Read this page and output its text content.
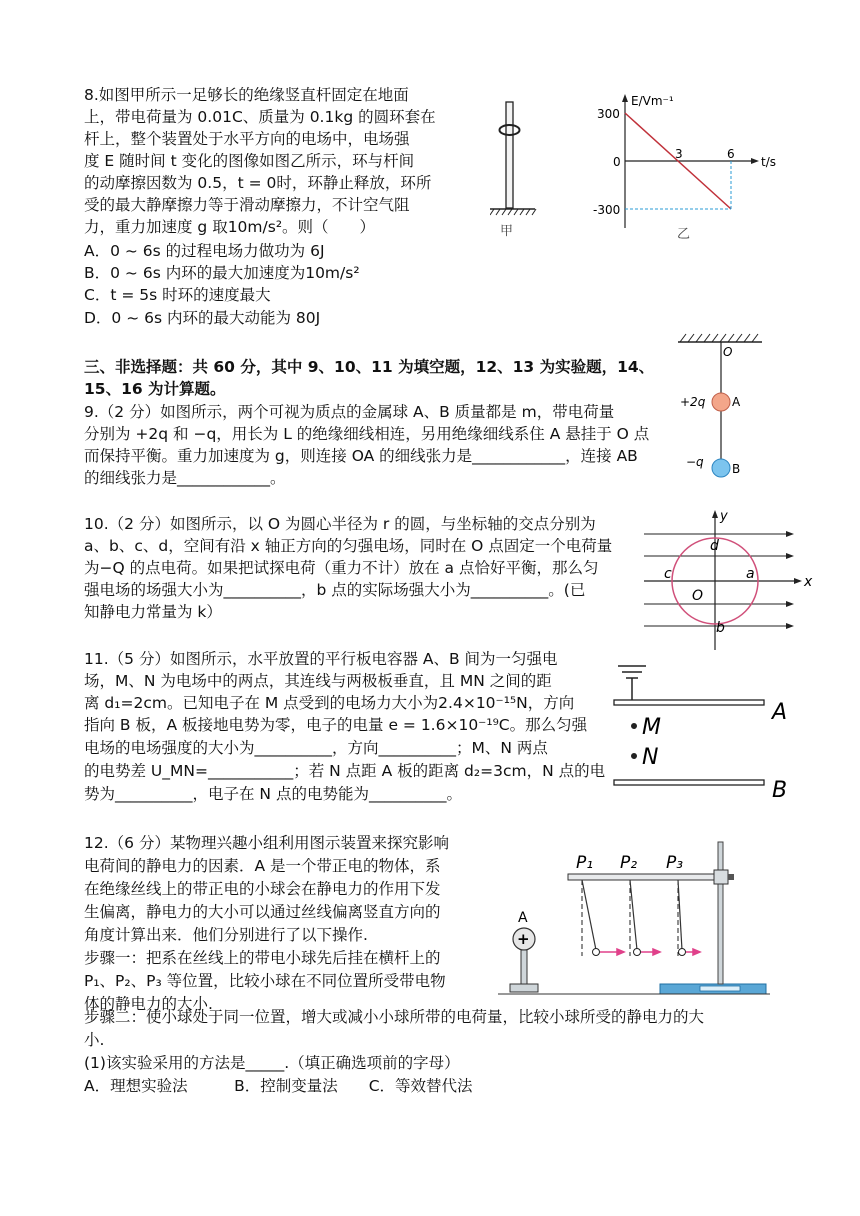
8.如图甲所示一足够长的绝缘竖直杆固定在地面
上，带电荷量为 0.01C、质量为 0.1kg 的圆环套在
杆上，整个装置处于水平方向的电场中，电场强
度 E 随时间 t 变化的图像如图乙所示，环与杆间
的动摩擦因数为 0.5，t = 0时，环静止释放，环所
受的最大静摩擦力等于滑动摩擦力，不计空气阻
力，重力加速度 g 取10m/s²。则（　　）
A．0 ~ 6s 的过程电场力做功为 6J
B．0 ~ 6s 内环的最大加速度为10m/s²
C．t = 5s 时环的速度最大
D．0 ~ 6s 内环的最大动能为 80J
甲
E/Vm⁻¹
t/s
300
0
-300
3	6
乙
三、非选择题：共 60 分，其中 9、10、11 为填空题，12、13 为实验题，14、
15、16 为计算题。
9.（2 分）如图所示，两个可视为质点的金属球 A、B 质量都是 m，带电荷量
分别为 +2q 和 −q，用长为 L 的绝缘细线相连，另用绝缘细线系住 A 悬挂于 O 点
而保持平衡。重力加速度为 g，则连接 OA 的细线张力是____________，连接 AB
的细线张力是____________。
O
+2q A
−q B
10.（2 分）如图所示，以 O 为圆心半径为 r 的圆，与坐标轴的交点分别为
a、b、c、d，空间有沿 x 轴正方向的匀强电场，同时在 O 点固定一个电荷量
为−Q 的点电荷。如果把试探电荷（重力不计）放在 a 点恰好平衡，那么匀
强电场的场强大小为__________，b 点的实际场强大小为__________。(已
知静电力常量为 k）
y
x
d
c	a
O
b
11.（5 分）如图所示，水平放置的平行板电容器 A、B 间为一匀强电
场，M、N 为电场中的两点，其连线与两极板垂直，且 MN 之间的距
离 d₁=2cm。已知电子在 M 点受到的电场力大小为2.4×10⁻¹⁵N，方向
指向 B 板，A 板接地电势为零，电子的电量 e = 1.6×10⁻¹⁹C。那么匀强
电场的电场强度的大小为__________，方向__________；M、N 两点
的电势差 U_MN=___________；若 N 点距 A 板的距离 d₂=3cm，N 点的电
势为__________，电子在 N 点的电势能为__________。
A
B
M
N
12.（6 分）某物理兴趣小组利用图示装置来探究影响
电荷间的静电力的因素．A 是一个带正电的物体，系
在绝缘丝线上的带正电的小球会在静电力的作用下发
生偏离，静电力的大小可以通过丝线偏离竖直方向的
角度计算出来．他们分别进行了以下操作.
步骤一：把系在丝线上的带电小球先后挂在横杆上的
P₁、P₂、P₃ 等位置，比较小球在不同位置所受带电物
体的静电力的大小.
步骤二：使小球处于同一位置，增大或减小小球所带的电荷量，比较小球所受的静电力的大
小.
(1)该实验采用的方法是_____.（填正确选项前的字母）
A．理想实验法　　　B．控制变量法　　C．等效替代法
P₁ P₂ P₃
A
+
